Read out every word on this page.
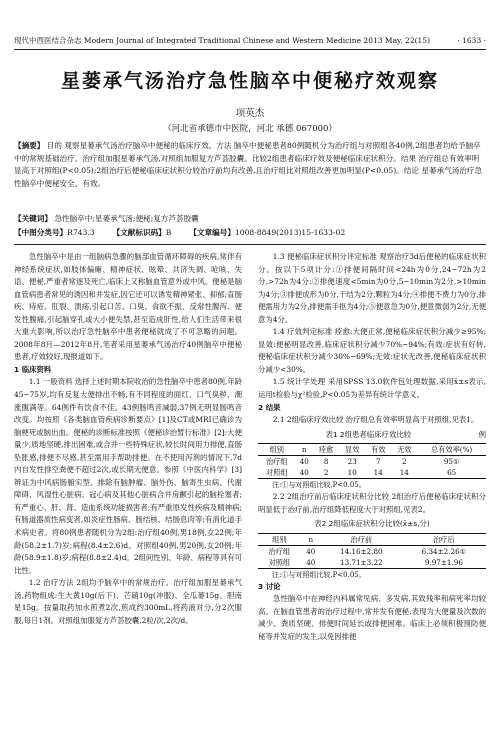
现代中西医结合杂志 Modern Journal of Integrated Traditional Chinese and Western Medicine 2013 May, 22(15)	· 1633 ·
星蒌承气汤治疗急性脑卒中便秘疗效观察
项英杰
（河北省承德市中医院，河北 承德 067000）
【摘要】 目的 观察星蒌承气汤治疗脑卒中便秘的临床疗效。方法 脑卒中便秘患者80例随机分为治疗组与对照组各40例,2组患者均给予脑卒中的常规基础治疗。治疗组加服星蒌承气汤,对照组加服复方芦荟胶囊。比较2组患者临床疗效及便秘临床症状积分。结果 治疗组总有效率明显高于对照组(P<0.05);2组治疗后便秘临床症状积分较治疗前均有改善,且治疗组比对照组改善更加明显(P<0.05)。结论 星蒌承气汤治疗急性脑卒中便秘安全、有效。
【关键词】 急性脑卒中;星蒌承气汤;便秘;复方芦荟胶囊
【中图分类号】R743.3 【文献标识码】B 【文章编号】1008-8849(2013)15-1633-02

急性脑卒中是由一组脑病急骤的脑部血管循环障碍的疾病,常伴有神经系统症状,如肢体偏瘫、精神症状、眩晕、共济失调、呛咳、失语、便秘,严重者常逐及死亡,临床上又称脑血管意外或中风。便秘是脑血管病患者常见的诱因和并发症,因它还可以诱发精神紧张、抑郁;直肠疾、痔疮、肛裂、溃疡,引起口苦、口臭、食欲不振、反常性腹泻、便发性腹痛,引起脑穿孔或大小便失禁,甚至造成肝性,给人们生活带来很大重大影响,所以治疗急性脑卒中患者便秘就成了不可忽略的问题。2008年8月—2012年8月,笔者采用星蒌承气汤治疗40例脑卒中便秘患者,疗效较好,现报道如下。

1 临床资料

1.1 一般资料 选择上述时期本院收治的急性脑卒中患者80例,年龄45~75岁,均有反复大便排出不畅,有不同程度的面红、口气臭秽、潮涨腹满等。64例件有饮食不佳。43例肠鸣音减弱,37例无明显肠鸣音改变。均按照《各类脑血管疾病诊断要点》[1]及CT或MRI已确诊为脑梗死或脑出血。便秘的诊断标准按照《便秘诊治暂行标准》[2]:大便量少,质地坚硬,排出困难,或合并一些特殊症状,较长时间用力排便,直肠坠胀感,排便不尽感,甚至需用手帮助排便。在不使用泻剂的情况下,7d内自发性排空粪便不超过2次,或长期无便意。参照《中医内科学》[3]辨证为中风病肠腑实型。排除有脑肿瘤、脑外伤、脑寄生虫病、代谢障碍、风湿性心脏病、冠心病及其他心脏病合并房颤引起的脑栓塞者;有严重心、肝、肾、造血系统功能损害者;有严重原发性疾病及精神病;有肠道器质性病变者,如炎症性肠病、肠结核、结肠息肉等;有消化道手术病史者。将80例患者随机分为2组:治疗组40例,男18例,女22例;年龄(58.2±1.7)岁;病程(8.4±2.6)d。对照组40例,男20例,女20例;年龄(58.9±1.8)岁;病程(8.8±2.4)d。2组间性别、年龄、病程等具有可比性。

1.2 治疗方法 2组均予脑卒中的常规治疗。治疗组加服星蒌承气汤,药物组成:生大黄10g(后下)、芒硝10g(冲服)、全瓜蒌15g、胆南星15g。按量取药加水煎煮2次,煎成约300mL,将药液对分,分2次服服,每日1剂。对照组加服复方芦荟胶囊,2粒/次,2次/d。

1.3 便秘临床症状积分评定标准 观察治疗3d后便秘的临床症状积分。按以下5项计分:①排便间隔时间<24h为0分,24~72h为2分,>72h为4分;②排便速度<5min为0分,5~10min为2分,>10min为4分;③排便成形为0分,干结为2分,颗粒为4分;④排便不费力为0分,排便需用力为2分,排便需手抠为4分;⑤便意急为0分,便意微弱为2分,无便意为4分。

1.4 疗效判定标准 痊愈:大便正常,便秘临床症状积分减少≥95%;显效:便秘明显改善,临床症状积分减少70%~94%;有效:症状有好转,便秘临床症状积分减少30%~69%;无效:症状无改善,便秘临床症状积分减少<30%。

1.5 统计学处理 采用SPSS 13.0软件包处理数据,采用x̄±s表示,运用t检验与χ²检验,P<0.05为差异有统计学意义。

2 结果

2.1 2组临床疗效比较 治疗组总有效率明显高于对照组,见表1。

表1 2组患者临床疗效比较	例
组别	n	痊愈	显效	有效	无效	总有效率(%)
治疗组	40	8	23	7	2	95①
对照组	40	2	10	14	14	65

注:①与对照组比较,P<0.05。

2.2 2组治疗前后临床症状积分比较 2组治疗后便秘临床症状积分明显低于治疗前,治疗组降低程度大于对照组,见表2。

表2 2组临床症状积分比较(x̄±s,分)
组别	n	治疗前	治疗后
治疗组	40	14.16±2.80	6.34±2.26①
对照组	40	13.71±3.22	9.97±1.96

注:①与对照组比较,P<0.05。

3 讨论

急性脑卒中在神经内科属常见病、多发病,其致残率和病死率均较高。在脑血管患者的治疗过程中,常并发有便秘,表现为大便量及次数的减少、粪质坚硬、排便时间延长或排便困难。临床上必须积极预防便秘等并发症的发生,以免因排便
